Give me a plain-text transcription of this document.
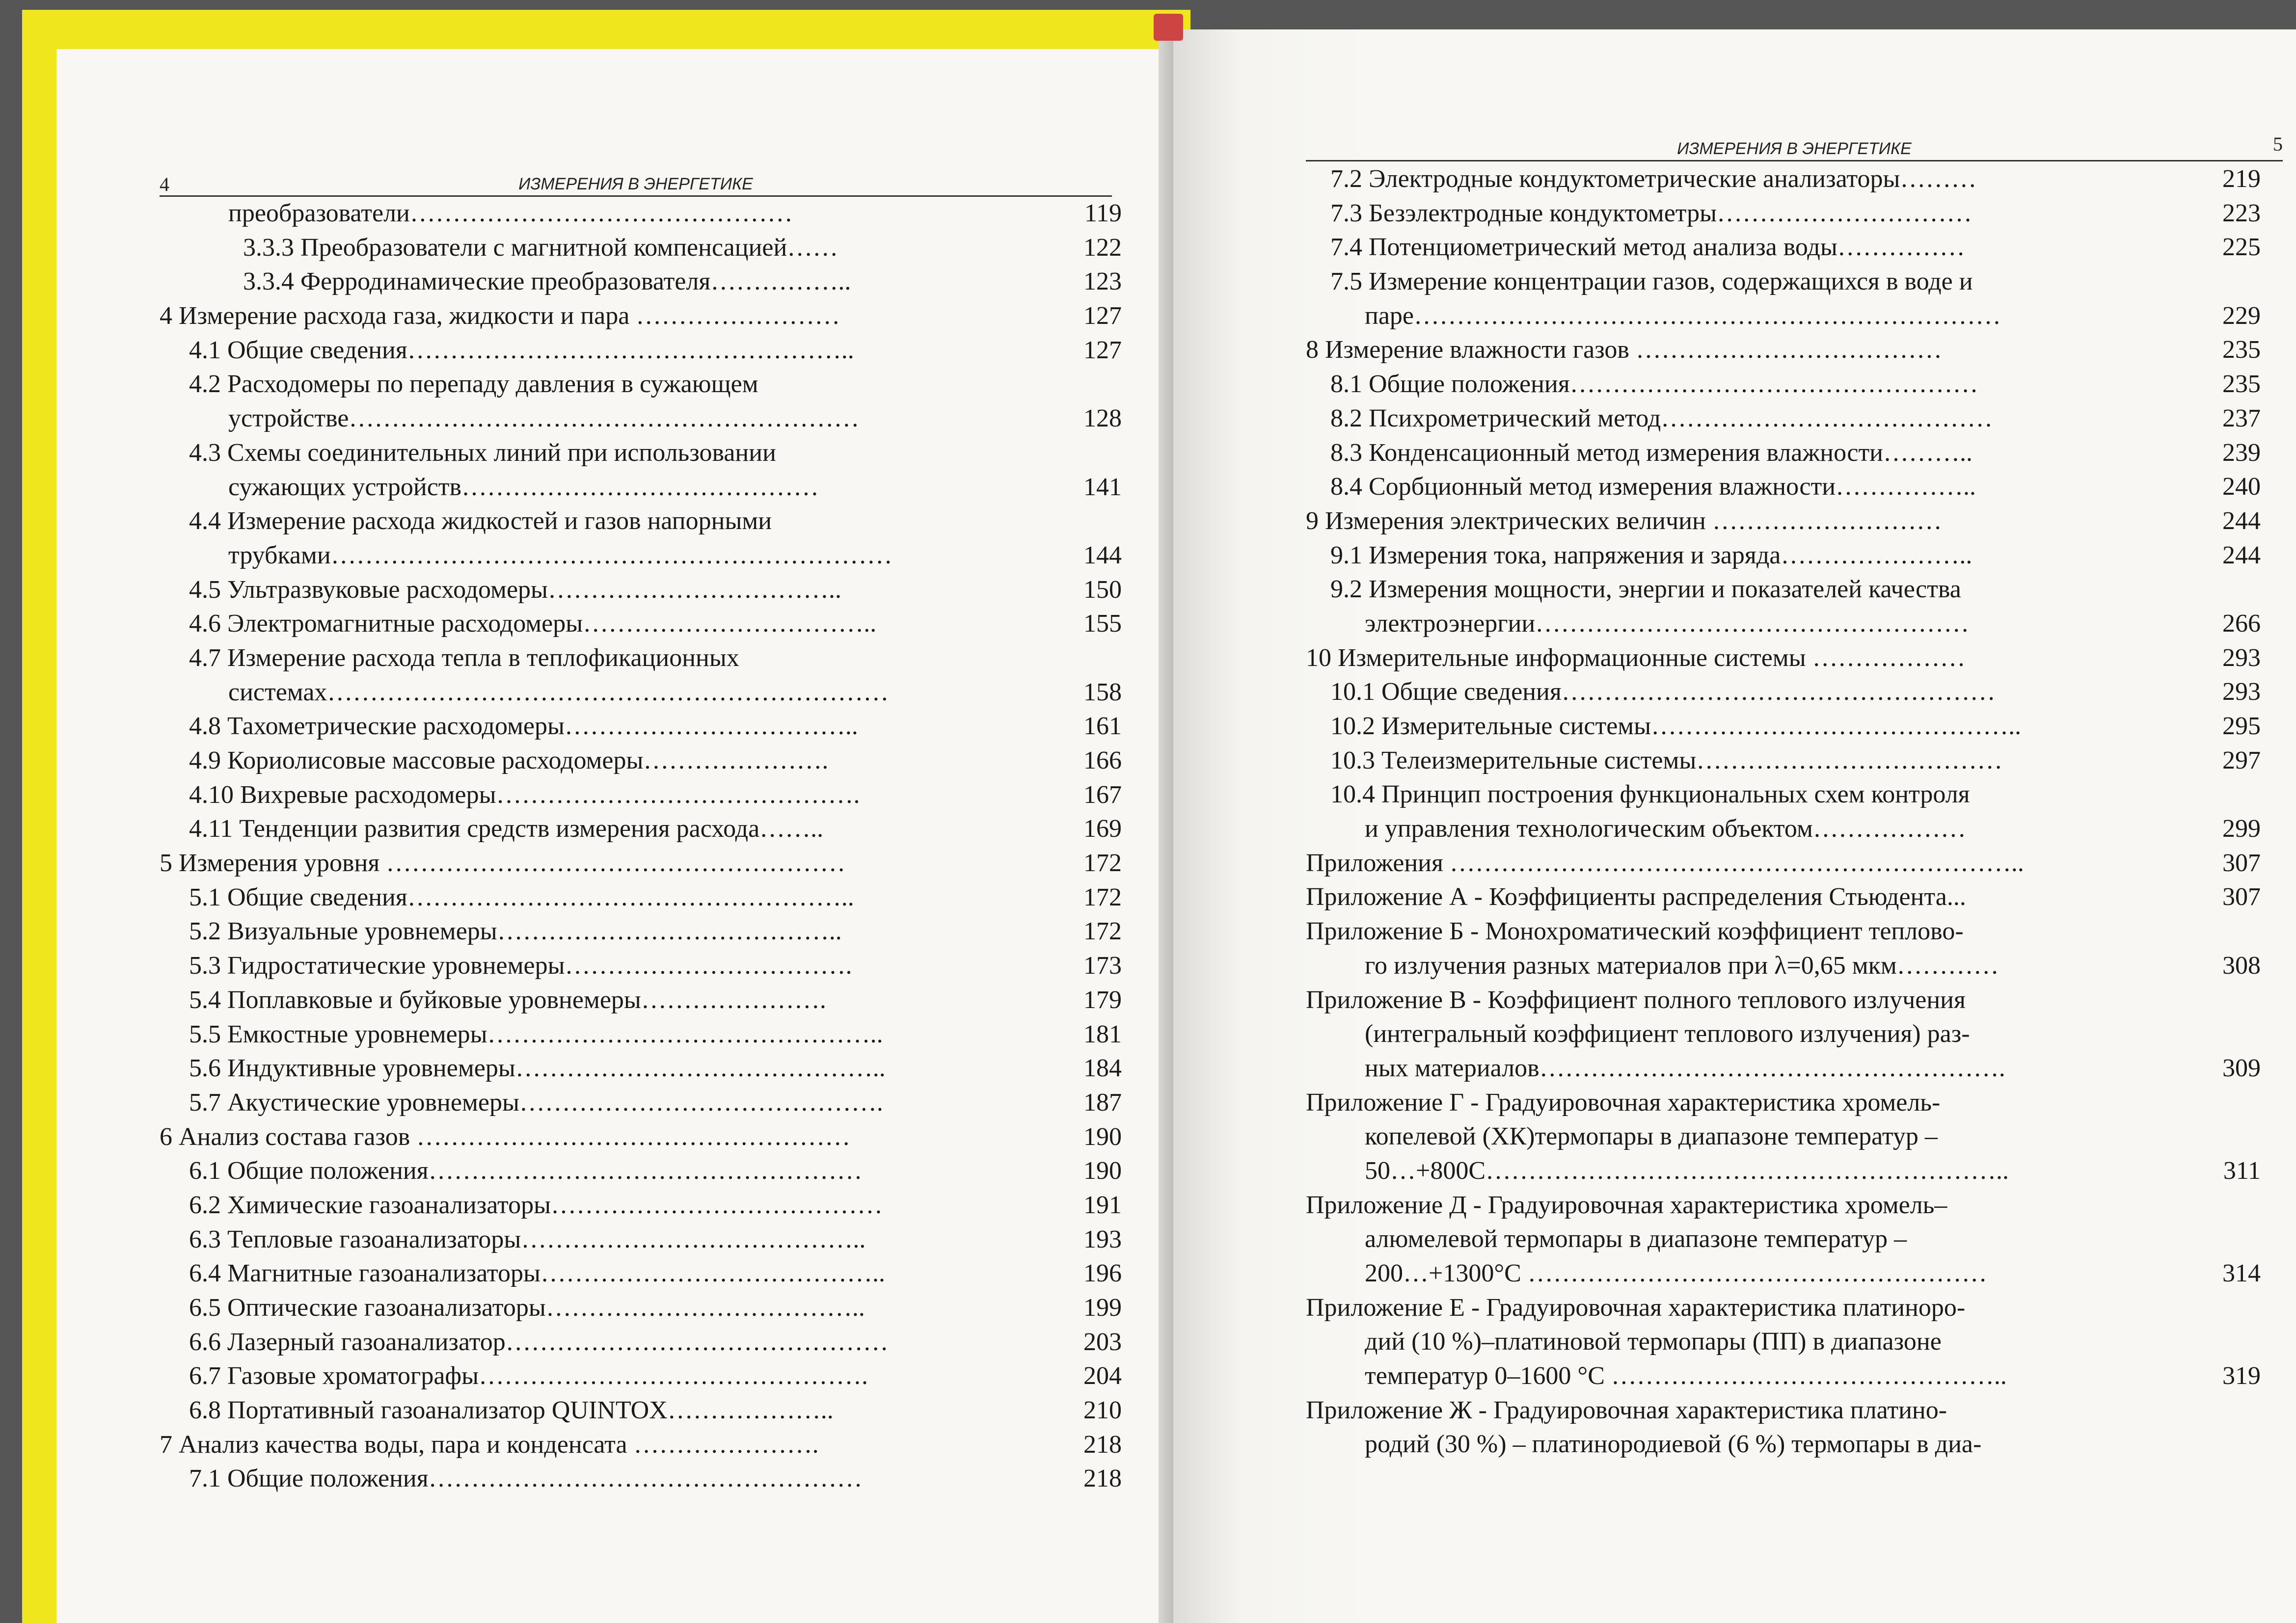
4	ИЗМЕРЕНИЯ В ЭНЕРГЕТИКЕ
преобразователи………………………………………	119
3.3.3 Преобразователи с магнитной компенсацией……	122
3.3.4 Ферродинамические преобразователя……………..	123
4 Измерение расхода газа, жидкости и пара ……………………	127
4.1 Общие сведения……………………………………………..	127
4.2 Расходомеры по перепаду давления в сужающем
устройстве……………………………………………………	128
4.3 Схемы соединительных линий при использовании
сужающих устройств……………………………………	141
4.4 Измерение расхода жидкостей и газов напорными
трубками…………………………………………………………	144
4.5 Ультразвуковые расходомеры……………………………..	150
4.6 Электромагнитные расходомеры……………………………..	155
4.7 Измерение расхода тепла в теплофикационных
системах…………………………………………………………	158
4.8 Тахометрические расходомеры……………………………..	161
4.9 Кориолисовые массовые расходомеры………………….	166
4.10 Вихревые расходомеры…………………………………….	167
4.11 Тенденции развития средств измерения расхода……..	169
5 Измерения уровня ………………………………………………	172
5.1 Общие сведения……………………………………………..	172
5.2 Визуальные уровнемеры…………………………………..	172
5.3 Гидростатические уровнемеры…………………………….	173
5.4 Поплавковые и буйковые уровнемеры………………….	179
5.5 Емкостные уровнемеры………………………………………..	181
5.6 Индуктивные уровнемеры……………………………………..	184
5.7 Акустические уровнемеры…………………………………….	187
6 Анализ состава газов ……………………………………………	190
6.1 Общие положения……………………………………………	190
6.2 Химические газоанализаторы…………………………………	191
6.3 Тепловые газоанализаторы…………………………………..	193
6.4 Магнитные газоанализаторы…………………………………..	196
6.5 Оптические газоанализаторы………………………………..	199
6.6 Лазерный газоанализатор………………………………………	203
6.7 Газовые хроматографы……………………………………….	204
6.8 Портативный газоанализатор QUINTOX………………..	210
7 Анализ качества воды, пара и конденсата ………………….	218
7.1 Общие положения……………………………………………	218
ИЗМЕРЕНИЯ В ЭНЕРГЕТИКЕ	5
7.2 Электродные кондуктометрические анализаторы………	219
7.3 Безэлектродные кондуктометры…………………………	223
7.4 Потенциометрический метод анализа воды……………	225
7.5 Измерение концентрации газов, содержащихся в воде и
паре……………………………………………………………	229
8 Измерение влажности газов ………………………………	235
8.1 Общие положения…………………………………………	235
8.2 Психрометрический метод…………………………………	237
8.3 Конденсационный метод измерения влажности………..	239
8.4 Сорбционный метод измерения влажности……………..	240
9 Измерения электрических величин ………………………	244
9.1 Измерения тока, напряжения и заряда…………………..	244
9.2 Измерения мощности, энергии и показателей качества
электроэнергии……………………………………………	266
10 Измерительные информационные системы ………………	293
10.1 Общие сведения……………………………………………	293
10.2 Измерительные системы……………………………………..	295
10.3 Телеизмерительные системы………………………………	297
10.4 Принцип построения функциональных схем контроля
и управления технологическим объектом………………	299
Приложения …………………………………………………………..	307
Приложение А - Коэффициенты распределения Стьюдента...	307
Приложение Б - Монохроматический коэффициент теплово-
го излучения разных материалов при λ=0,65 мкм…………	308
Приложение В - Коэффициент полного теплового излучения
(интегральный коэффициент теплового излучения) раз-
ных материалов……………………………………………….	309
Приложение Г - Градуировочная характеристика хромель-
копелевой (ХК)термопары в диапазоне температур –
50…+800С……………………………………………………..	311
Приложение Д - Градуировочная характеристика хромель–
алюмелевой термопары в диапазоне температур –
200…+1300°С ………………………………………………	314
Приложение Е - Градуировочная характеристика платиноро-
дий (10 %)–платиновой термопары (ПП) в диапазоне
температур 0–1600 °С ………………………………………..	319
Приложение Ж - Градуировочная характеристика платино-
родий (30 %) – платинородиевой (6 %) термопары в диа-
